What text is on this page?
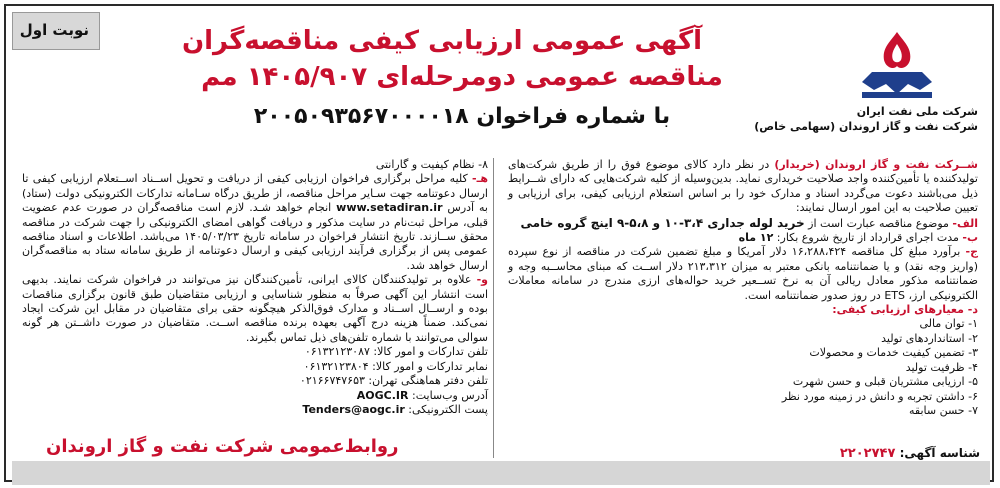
نوبت اول
شرکت ملی نفت ایران
شرکت نفت و گاز اروندان (سهامی خاص)
آگهی عمومی ارزیابی کیفی مناقصه‌گران
مناقصه عمومی دومرحله‌ای ۱۴۰۵/۹۰۷ مم
با شماره فراخوان ۲۰۰۵۰۹۳۵۶۷۰۰۰۰۱۸

شــرکت نفت و گاز اروندان (خریدار) در نظر دارد کالای موضوع فوق را از طریق شرکت‌های تولیدکننده یا تأمین‌کننده واجد صلاحیت خریداری نماید. بدین‌وسیله از کلیه شرکت‌هایی که دارای شــرایط ذیل می‌باشند دعوت می‌گردد اسناد و مدارک خود را بر اساس استعلام ارزیابی کیفی، برای ارزیابی و تعیین صلاحیت به این امور ارسال نمایند:

الف- موضوع مناقصه عبارت است از خرید لوله جداری ۳،۴-۱۰ و ۵،۸-۹ اینچ گروه خامی

ب- مدت اجرای قرارداد از تاریخ شروع بکار: ۱۲ ماه

ج- برآورد مبلغ کل مناقصه ۱۶،۲۸۸،۴۲۴ دلار آمریکا و مبلغ تضمین شرکت در مناقصه از نوع سپرده (واریز وجه نقد) و یا ضمانتنامه بانکی معتبر به میزان ۲۱۳،۳۱۲ دلار اســت که مبنای محاســبه وجه و ضمانتنامه مذکور معادل ریالی آن به نرخ تســعیر خرید حواله‌های ارزی مندرج در سامانه معاملات الکترونیکی ارز، ETS در روز صدور ضمانتنامه است.

د- معیارهای ارزیابی کیفی:

۱- توان مالی
۲- استانداردهای تولید
۳- تضمین کیفیت خدمات و محصولات
۴- ظرفیت تولید
۵- ارزیابی مشتریان قبلی و حسن شهرت
۶- داشتن تجربه و دانش در زمینه مورد نظر
۷- حسن سابقه

۸- نظام کیفیت و گارانتی

هـ- کلیه مراحل برگزاری فراخوان ارزیابی کیفی از دریافت و تحویل اســناد اســتعلام ارزیابی کیفی تا ارسال دعوتنامه جهت سـایر مراحل مناقصه، از طریق درگاه سـامانه تدارکات الکترونیکی دولت (ستاد) به آدرس www.setadiran.ir انجام خواهد شـد. لازم است مناقصه‌گران در صورت عدم عضویت قبلی، مراحل ثبت‌نام در سایت مذکور و دریافت گواهی امضای الکترونیکی را جهت شرکت در مناقصه محقق ســازند. تاریخ انتشار فراخوان در سامانه تاریخ ۱۴۰۵/۰۳/۲۳ می‌باشد. اطلاعات و اسناد مناقصه عمومی پس از برگزاری فرآیند ارزیابی کیفی و ارسال دعوتنامه از طریق سامانه ستاد به مناقصه‌گران ارسال خواهد شد.

و- علاوه بر تولیدکنندگان کالای ایرانی، تأمین‌کنندگان نیز می‌توانند در فراخوان شرکت نمایند. بدیهی است انتشار این آگهی صرفاً به منظور شناسایی و ارزیابی متقاضیان طبق قانون برگزاری مناقصات بوده و ارســال اســناد و مدارک فوق‌الذکر هیچگونه حقی برای متقاضیان در مقابل این شرکت ایجاد نمی‌کند. ضمناً هزینه درج آگهی بعهده برنده مناقصه اســت. متقاضیان در صورت داشــتن هر گونه سوالی می‌توانند با شماره تلفن‌های ذیل تماس بگیرند.

تلفن تدارکات و امور کالا: ۰۶۱۳۲۱۲۳۰۸۷

نمابر تدارکات و امور کالا: ۰۶۱۳۲۱۲۳۸۰۴

تلفن دفتر هماهنگی تهران: ۰۲۱۶۶۷۴۷۶۵۳

آدرس وب‌سایت: AOGC.IR

پست الکترونیکی: Tenders@aogc.ir

روابط‌عمومی شرکت نفت و گاز اروندان	شناسه آگهی: ۲۲۰۲۷۴۷
